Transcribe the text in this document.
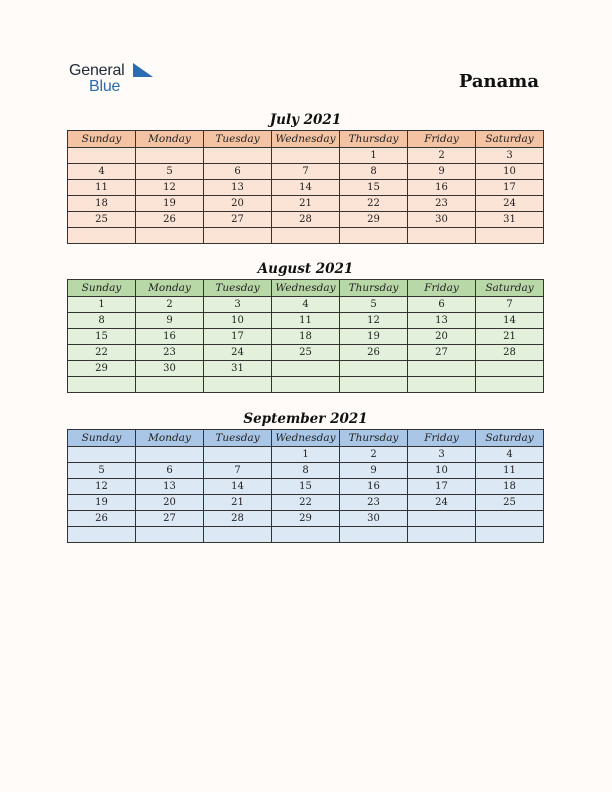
General
Blue	Panama
July 2021
Sunday	Monday	Tuesday	Wednesday	Thursday	Friday	Saturday
				1	2	3
4	5	6	7	8	9	10
11	12	13	14	15	16	17
18	19	20	21	22	23	24
25	26	27	28	29	30	31

August 2021
Sunday	Monday	Tuesday	Wednesday	Thursday	Friday	Saturday
1	2	3	4	5	6	7
8	9	10	11	12	13	14
15	16	17	18	19	20	21
22	23	24	25	26	27	28
29	30	31				

September 2021
Sunday	Monday	Tuesday	Wednesday	Thursday	Friday	Saturday
			1	2	3	4
5	6	7	8	9	10	11
12	13	14	15	16	17	18
19	20	21	22	23	24	25
26	27	28	29	30		
